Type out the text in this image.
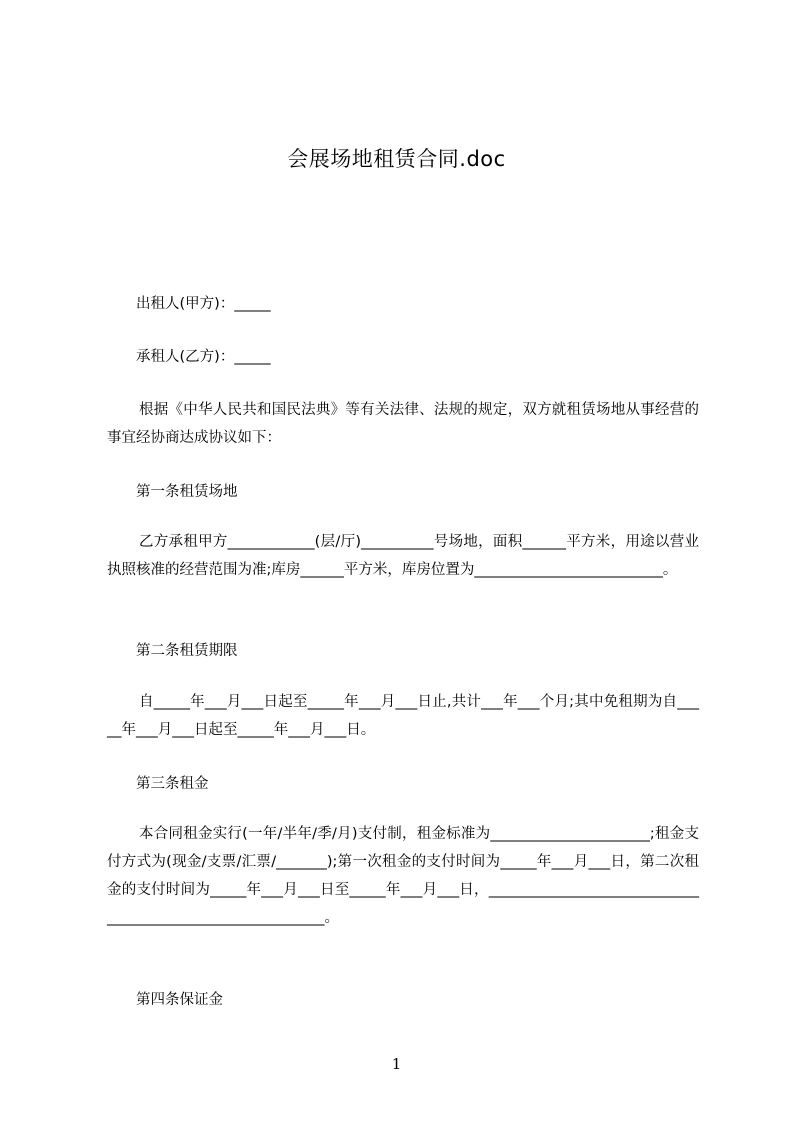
会展场地租赁合同.doc
出租人(甲方)：_____
承租人(乙方)：_____
根据《中华人民共和国民法典》等有关法律、法规的规定，双方就租赁场地从事经营的事宜经协商达成协议如下：
第一条租赁场地
乙方承租甲方____________(层/厅)__________号场地，面积______平方米，用途以营业执照核准的经营范围为准;库房______平方米，库房位置为__________________________。
第二条租赁期限
自_____年___月___日起至_____年___月___日止,共计___年___个月;其中免租期为自_____年___月___日起至_____年___月___日。
第三条租金
本合同租金实行(一年/半年/季/月)支付制，租金标准为______________________;租金支付方式为(现金/支票/汇票/_______);第一次租金的支付时间为_____年___月___日，第二次租金的支付时间为_____年___月___日至_____年___月___日，___________________________________________________________。
第四条保证金
1
